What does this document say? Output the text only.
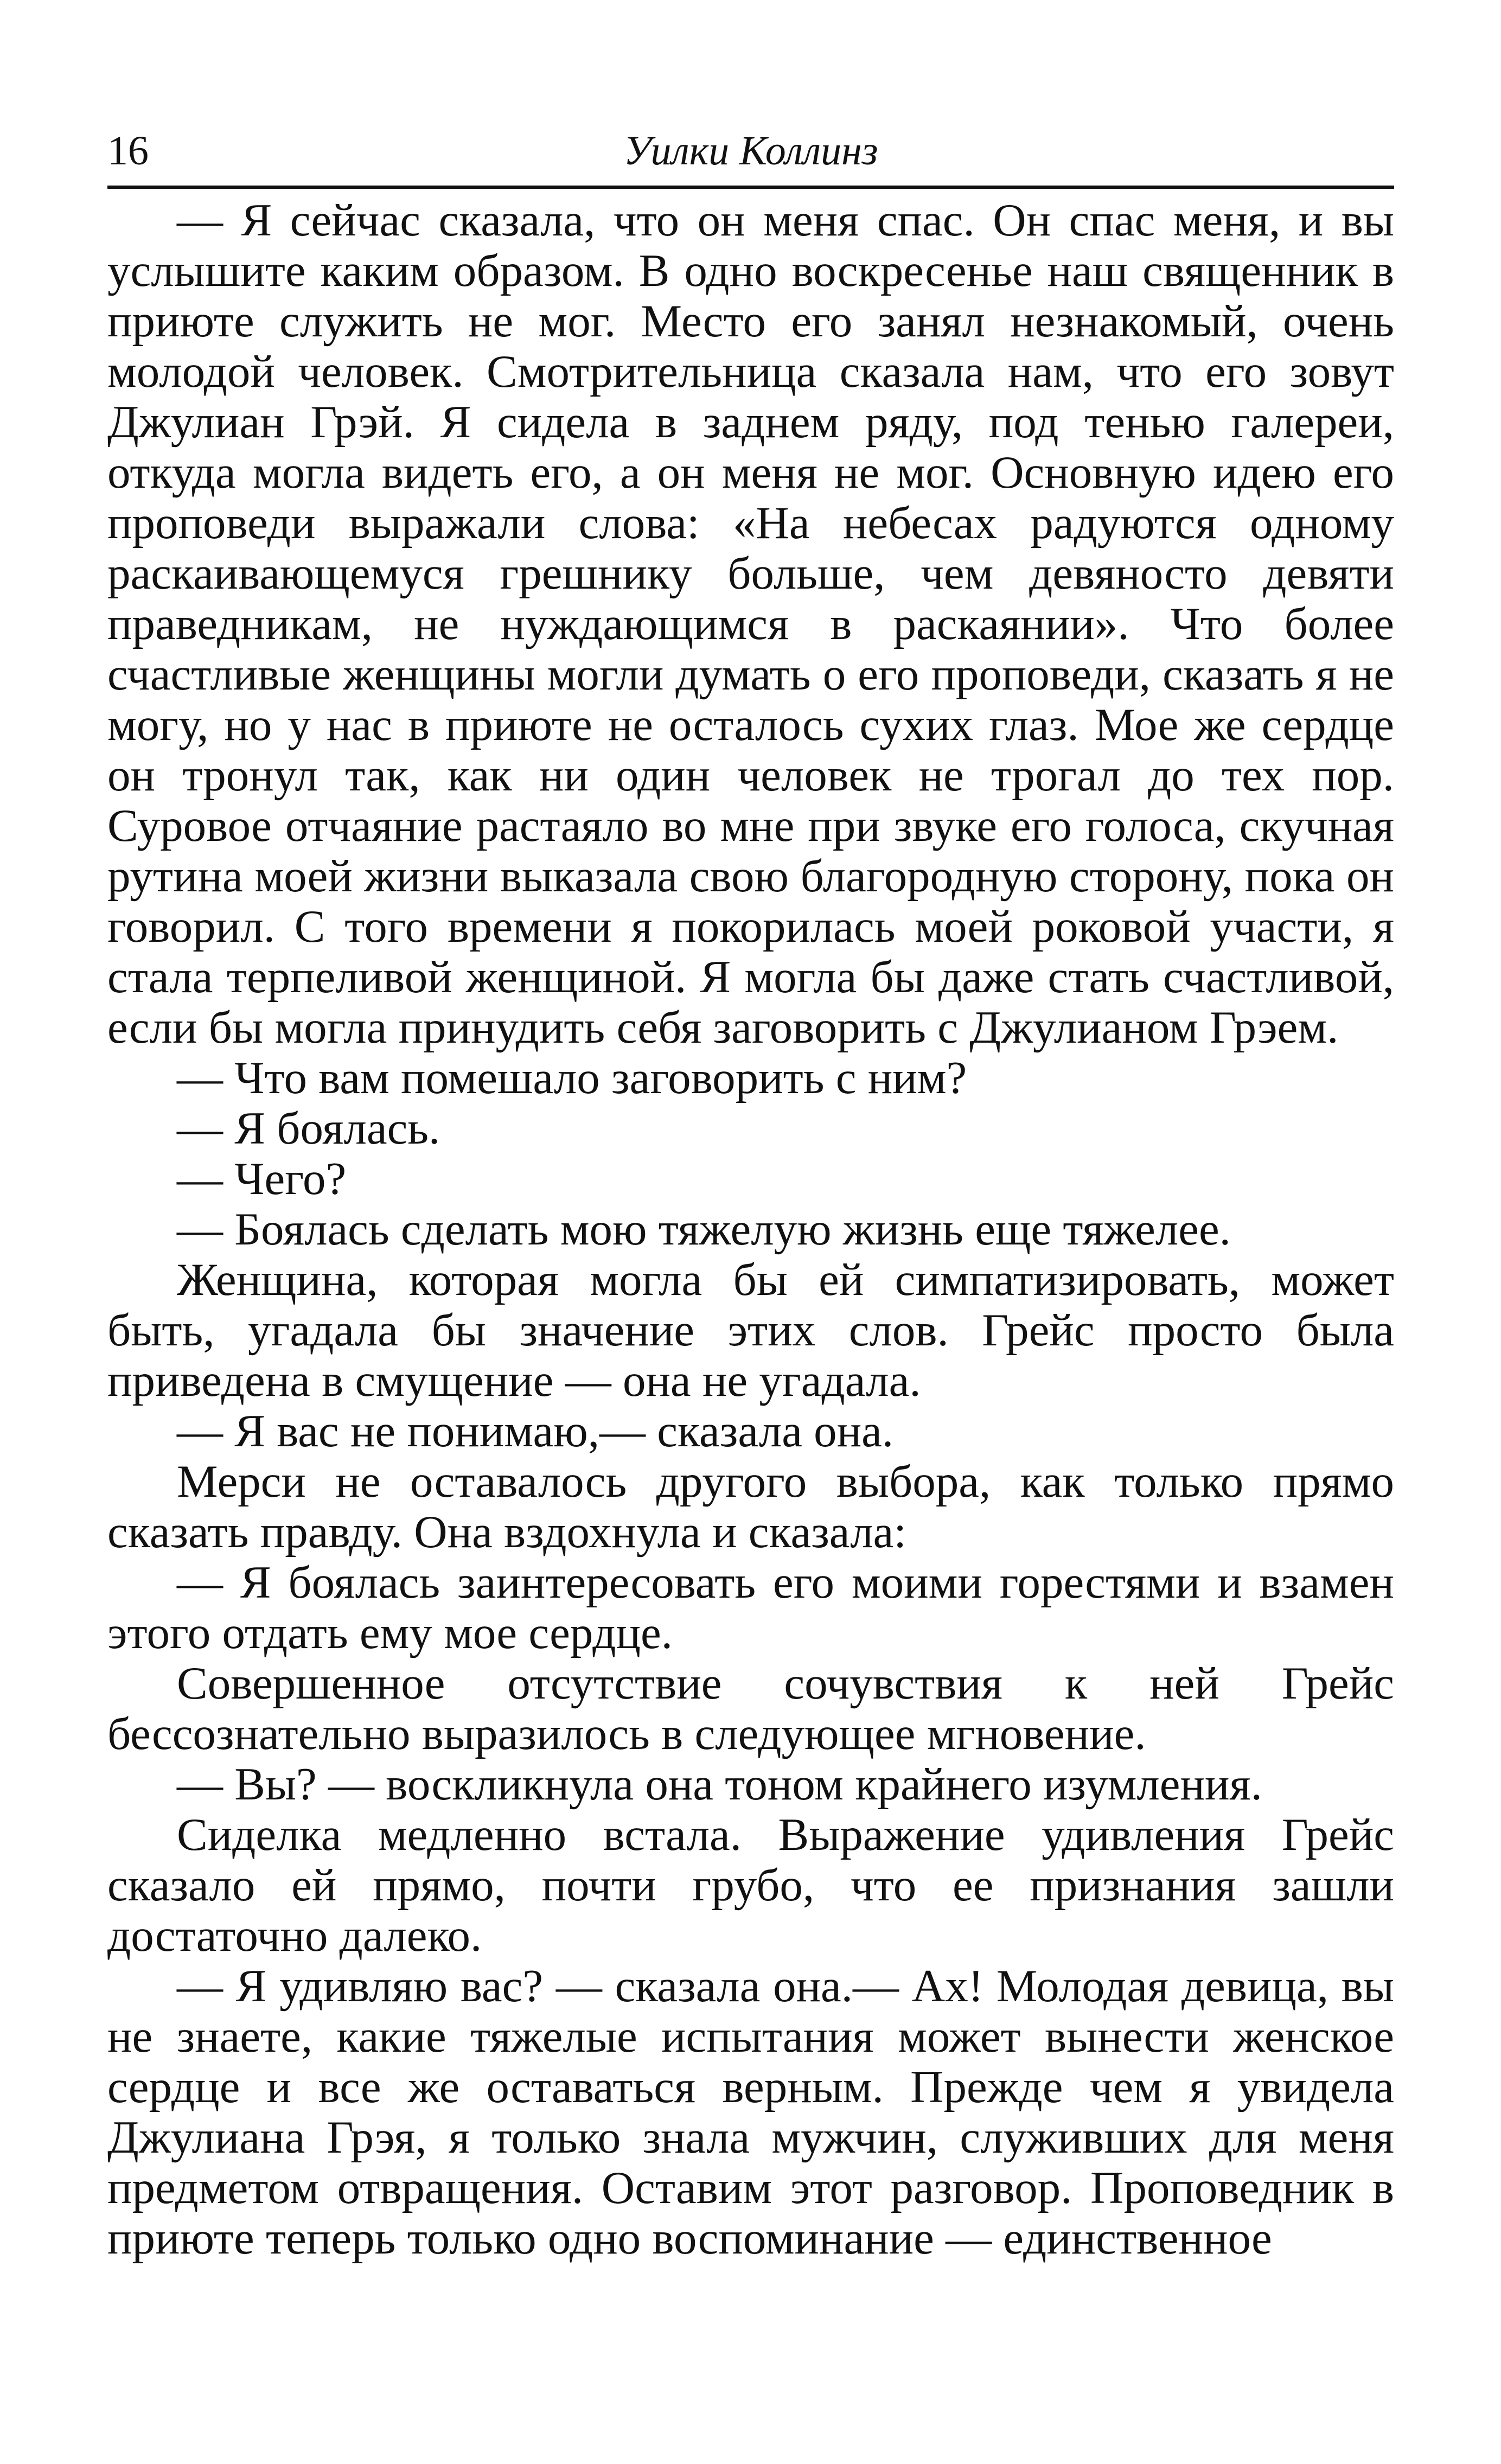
16	Уилки Коллинз

— Я сейчас сказала, что он меня спас. Он спас меня, и вы услышите каким образом. В одно воскресенье наш священник в приюте служить не мог. Место его занял незнакомый, очень молодой человек. Смотрительница сказала нам, что его зовут Джулиан Грэй. Я сидела в заднем ряду, под тенью галереи, откуда могла видеть его, а он меня не мог. Основную идею его проповеди выражали слова: «На небесах радуются одному раскаивающемуся грешнику больше, чем девяносто девяти праведникам, не нуждающимся в раскаянии». Что более счастливые женщины могли думать о его проповеди, сказать я не могу, но у нас в приюте не осталось сухих глаз. Мое же сердце он тронул так, как ни один человек не трогал до тех пор. Суровое отчаяние растаяло во мне при звуке его голоса, скучная рутина моей жизни выказала свою благородную сторону, пока он говорил. С того времени я покорилась моей роковой участи, я стала терпеливой женщиной. Я могла бы даже стать счастливой, если бы могла принудить себя заговорить с Джулианом Грэем.

— Что вам помешало заговорить с ним?

— Я боялась.

— Чего?

— Боялась сделать мою тяжелую жизнь еще тяжелее.

Женщина, которая могла бы ей симпатизировать, может быть, угадала бы значение этих слов. Грейс просто была приведена в смущение — она не угадала.

— Я вас не понимаю,— сказала она.

Мерси не оставалось другого выбора, как только прямо сказать правду. Она вздохнула и сказала:

— Я боялась заинтересовать его моими горестями и взамен этого отдать ему мое сердце.

Совершенное отсутствие сочувствия к ней Грейс бессознательно выразилось в следующее мгновение.

— Вы? — воскликнула она тоном крайнего изумления.

Сиделка медленно встала. Выражение удивления Грейс сказало ей прямо, почти грубо, что ее признания зашли достаточно далеко.

— Я удивляю вас? — сказала она.— Ах! Молодая девица, вы не знаете, какие тяжелые испытания может вынести женское сердце и все же оставаться верным. Прежде чем я увидела Джулиана Грэя, я только знала мужчин, служивших для меня предметом отвращения. Оставим этот разговор. Проповедник в приюте теперь только одно воспоминание — единственное
